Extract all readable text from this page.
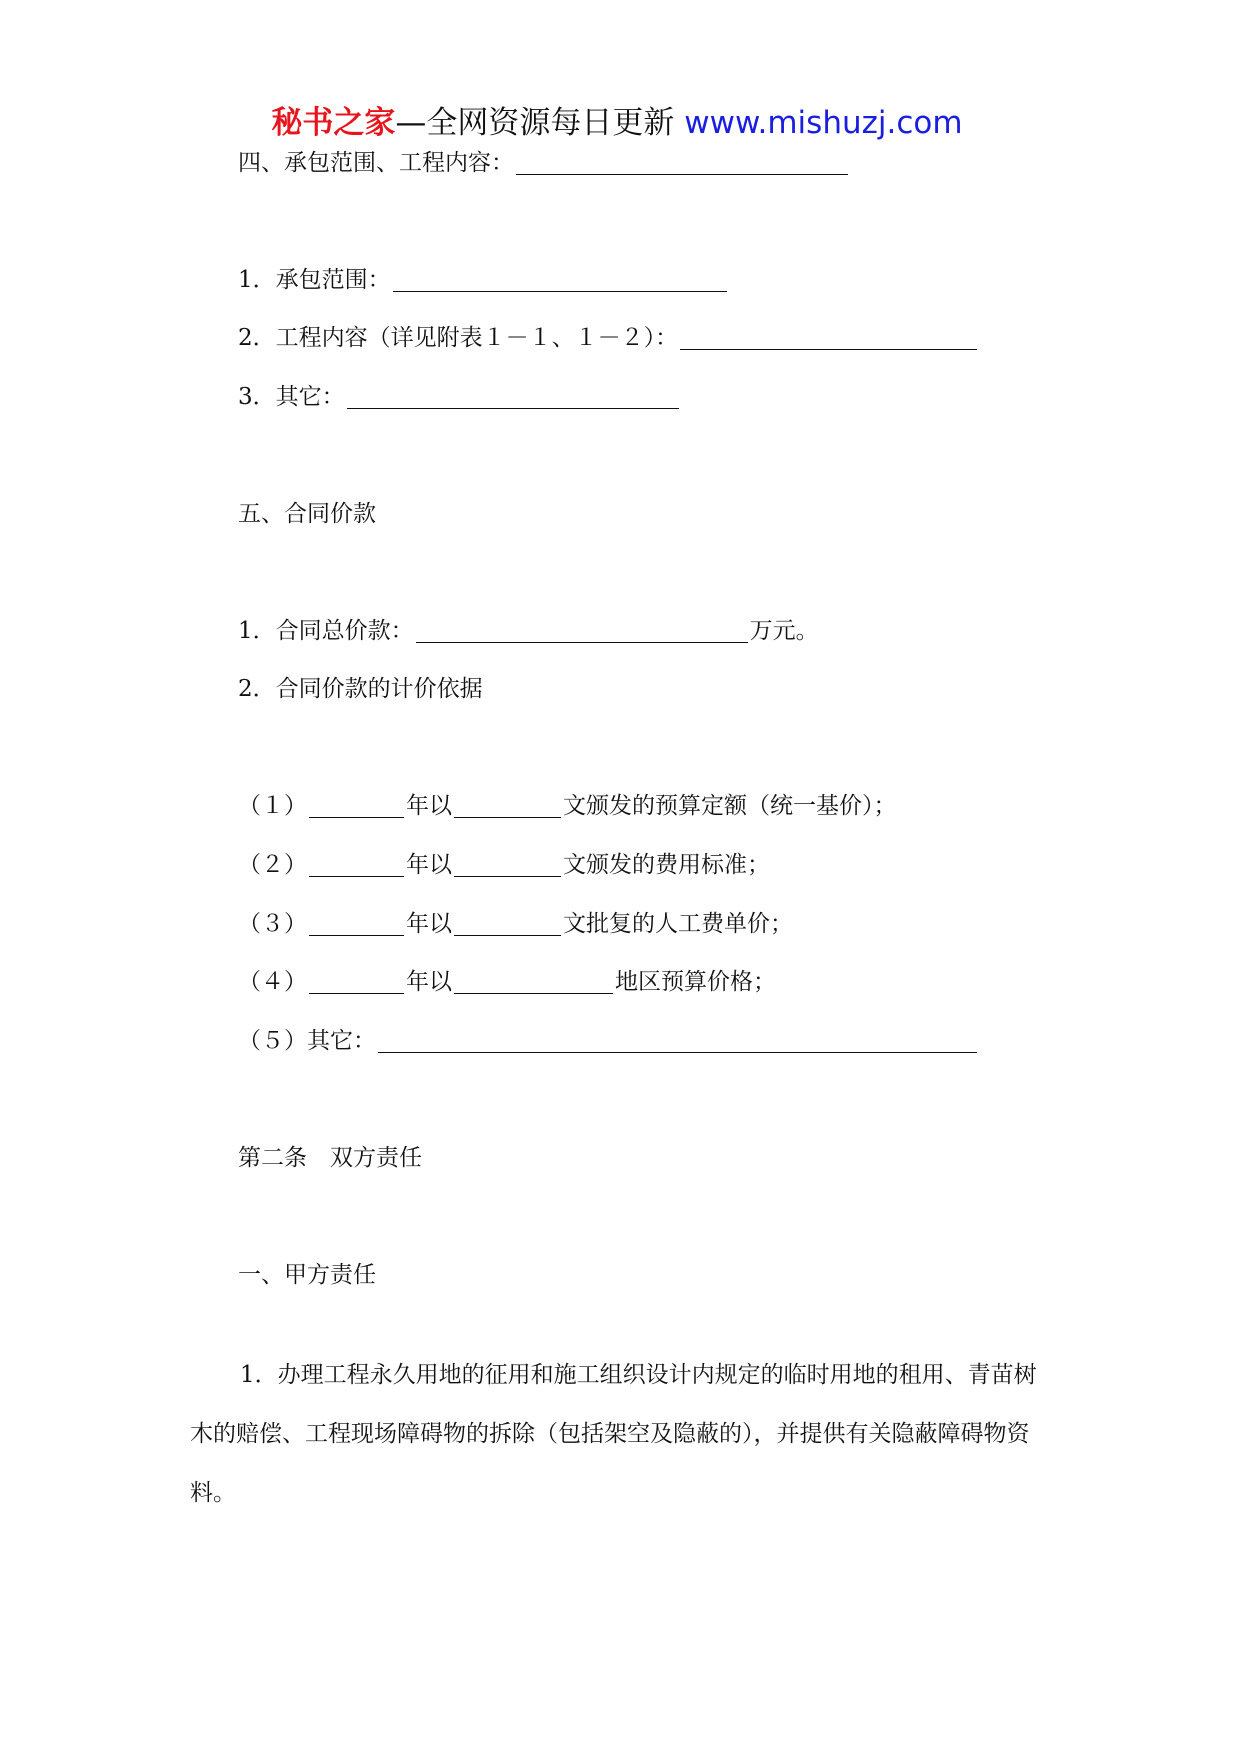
秘书之家—全网资源每日更新 www.mishuzj.com
四、承包范围、工程内容：
1．承包范围：
2．工程内容（详见附表１－１、１－２）：
3．其它：
五、合同价款
1．合同总价款：	万元。
2．合同价款的计价依据
（１）	年以	文颁发的预算定额（统一基价）；
（２）	年以	文颁发的费用标准；
（３）	年以	文批复的人工费单价；
（４）	年以	地区预算价格；
（５）其它：
第二条　双方责任
一、甲方责任
1．办理工程永久用地的征用和施工组织设计内规定的临时用地的租用、青苗树木的赔偿、工程现场障碍物的拆除（包括架空及隐蔽的），并提供有关隐蔽障碍物资料。
